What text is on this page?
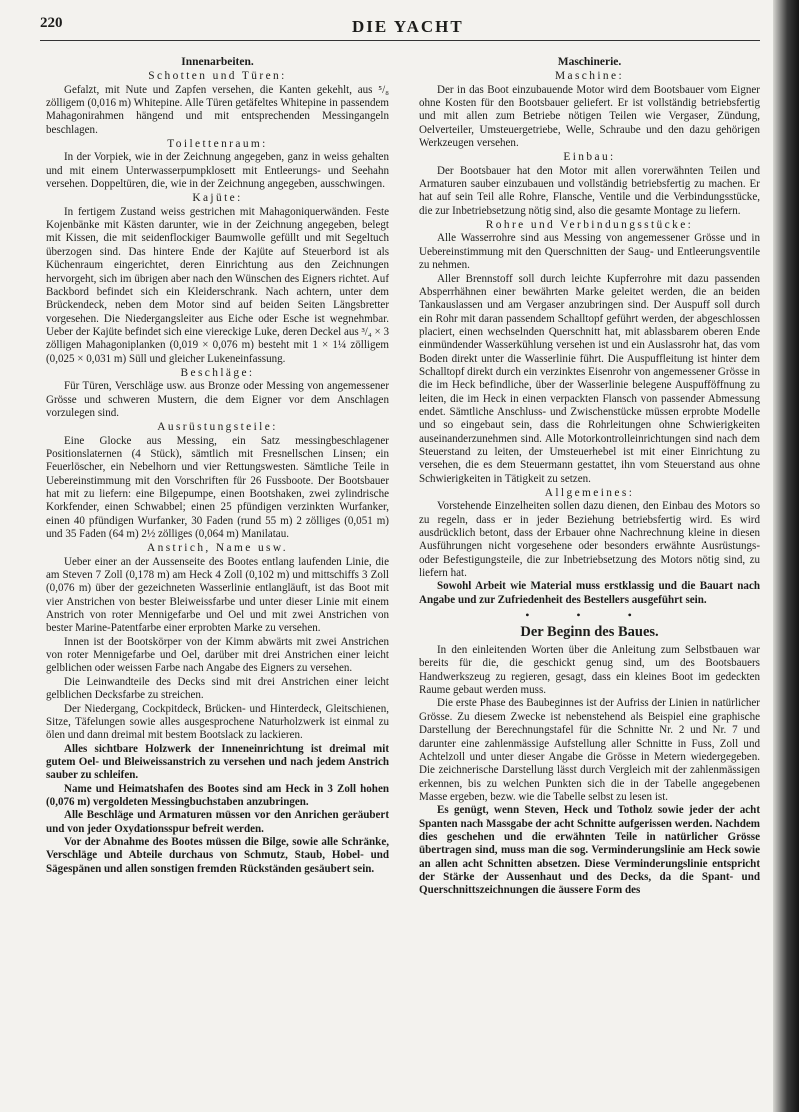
220	DIE YACHT
Innenarbeiten.
Schotten und Türen:

Gefalzt, mit Nute und Zapfen versehen, die Kanten gekehlt, aus ⁵/₈ zölligem (0,016 m) Whitepine. Alle Türen getäfeltes Whitepine in passendem Mahagonirahmen hängend und mit entsprechenden Messingangeln beschlagen.

Toilettenraum:

In der Vorpiek, wie in der Zeichnung angegeben, ganz in weiss gehalten und mit einem Unterwasserpumpklosett mit Entleerungs- und Seehahn versehen. Doppeltüren, die, wie in der Zeichnung angegeben, ausschwingen.

Kajüte:

In fertigem Zustand weiss gestrichen mit Mahagoniquerwänden. Feste Kojenbänke mit Kästen darunter, wie in der Zeichnung angegeben, belegt mit Kissen, die mit seidenflockiger Baumwolle gefüllt und mit Segeltuch überzogen sind. Das hintere Ende der Kajüte auf Steuerbord ist als Küchenraum eingerichtet, deren Einrichtung aus den Zeichnungen hervorgeht, sich im übrigen aber nach den Wünschen des Eigners richtet. Auf Backbord befindet sich ein Kleiderschrank. Nach achtern, unter dem Brückendeck, neben dem Motor sind auf beiden Seiten Längsbretter vorgesehen. Die Niedergangsleiter aus Eiche oder Esche ist wegnehmbar. Ueber der Kajüte befindet sich eine viereckige Luke, deren Deckel aus ³/₄ × 3 zölligen Mahagoniplanken (0,019 × 0,076 m) besteht mit 1 × 1¼ zölligem (0,025 × 0,031 m) Süll und gleicher Lukeneinfassung.

Beschläge:

Für Türen, Verschläge usw. aus Bronze oder Messing von angemessener Grösse und schweren Mustern, die dem Eigner vor dem Anschlagen vorzulegen sind.

Ausrüstungsteile:

Eine Glocke aus Messing, ein Satz messingbeschlagener Positionslaternen (4 Stück), sämtlich mit Fresnellschen Linsen; ein Feuerlöscher, ein Nebelhorn und vier Rettungswesten. Sämtliche Teile in Uebereinstimmung mit den Vorschriften für 26 Fussboote. Der Bootsbauer hat mit zu liefern: eine Bilgepumpe, einen Bootshaken, zwei zylindrische Korkfender, einen Schwabbel; einen 25 pfündigen verzinkten Wurfanker, einen 40 pfündigen Wurfanker, 30 Faden (rund 55 m) 2 zölliges (0,051 m) und 35 Faden (64 m) 2½ zölliges (0,064 m) Manilatau.

Anstrich, Name usw.

Ueber einer an der Aussenseite des Bootes entlang laufenden Linie, die am Steven 7 Zoll (0,178 m) am Heck 4 Zoll (0,102 m) und mittschiffs 3 Zoll (0,076 m) über der gezeichneten Wasserlinie entlangläuft, ist das Boot mit vier Anstrichen von bester Bleiweissfarbe und unter dieser Linie mit einem Anstrich von roter Mennigefarbe und Oel und mit zwei Anstrichen von bester Marine-Patentfarbe einer erprobten Marke zu versehen.

Innen ist der Bootskörper von der Kimm abwärts mit zwei Anstrichen von roter Mennigefarbe und Oel, darüber mit drei Anstrichen einer leicht gelblichen oder weissen Farbe nach Angabe des Eigners zu versehen.

Die Leinwandteile des Decks sind mit drei Anstrichen einer leicht gelblichen Decksfarbe zu streichen.

Der Niedergang, Cockpitdeck, Brücken- und Hinterdeck, Gleitschienen, Sitze, Täfelungen sowie alles ausgesprochene Naturholzwerk ist einmal zu ölen und dann dreimal mit bestem Bootslack zu lackieren.

Alles sichtbare Holzwerk der Inneneinrichtung ist dreimal mit gutem Oel- und Bleiweissanstrich zu versehen und nach jedem Anstrich sauber zu schleifen.

Name und Heimatshafen des Bootes sind am Heck in 3 Zoll hohen (0,076 m) vergoldeten Messingbuchstaben anzubringen.

Alle Beschläge und Armaturen müssen vor den Anrichen geräubert und von jeder Oxydationsspur befreit werden.

Vor der Abnahme des Bootes müssen die Bilge, sowie alle Schränke, Verschläge und Abteile durchaus von Schmutz, Staub, Hobel- und Sägespänen und allen sonstigen fremden Rückständen gesäubert sein.

Maschinerie.
Maschine:

Der in das Boot einzubauende Motor wird dem Bootsbauer vom Eigner ohne Kosten für den Bootsbauer geliefert. Er ist vollständig betriebsfertig und mit allen zum Betriebe nötigen Teilen wie Vergaser, Zündung, Oelverteiler, Umsteuergetriebe, Welle, Schraube und den dazu gehörigen Werkzeugen versehen.

Einbau:

Der Bootsbauer hat den Motor mit allen vorerwähnten Teilen und Armaturen sauber einzubauen und vollständig betriebsfertig zu machen. Er hat auf sein Teil alle Rohre, Flansche, Ventile und die Verbindungsstücke, die zur Inbetriebsetzung nötig sind, also die gesamte Montage zu liefern.

Rohre und Verbindungsstücke:

Alle Wasserrohre sind aus Messing von angemessener Grösse und in Uebereinstimmung mit den Querschnitten der Saug- und Entleerungsventile zu nehmen.

Aller Brennstoff soll durch leichte Kupferrohre mit dazu passenden Absperrhähnen einer bewährten Marke geleitet werden, die an beiden Tankauslassen und am Vergaser anzubringen sind. Der Auspuff soll durch ein Rohr mit daran passendem Schalltopf geführt werden, der abgeschlossen placiert, einen wechselnden Querschnitt hat, mit ablassbarem oberen Ende einmündender Wasserkühlung versehen ist und ein Auslassrohr hat, das vom Boden direkt unter die Wasserlinie führt. Die Auspuffleitung ist hinter dem Schalltopf direkt durch ein verzinktes Eisenrohr von angemessener Grösse in die im Heck befindliche, über der Wasserlinie belegene Auspufföffnung zu leiten, die im Heck in einen verpackten Flansch von passender Abmessung endet. Sämtliche Anschluss- und Zwischenstücke müssen erprobte Modelle und so eingebaut sein, dass die Rohrleitungen ohne Schwierigkeiten auseinanderzunehmen sind. Alle Motorkontrolleinrichtungen sind nach dem Steuerstand zu leiten, der Umsteuerhebel ist mit einer Einrichtung zu versehen, die es dem Steuermann gestattet, ihn vom Steuerstand aus ohne Schwierigkeiten in Tätigkeit zu setzen.

Allgemeines:

Vorstehende Einzelheiten sollen dazu dienen, den Einbau des Motors so zu regeln, dass er in jeder Beziehung betriebsfertig wird. Es wird ausdrücklich betont, dass der Erbauer ohne Nachrechnung kleine in diesen Ausführungen nicht vorgesehene oder besonders erwähnte Ausrüstungs- oder Befestigungsteile, die zur Inbetriebsetzung des Motors nötig sind, zu liefern hat.

Sowohl Arbeit wie Material muss erstklassig und die Bauart nach Angabe und zur Zufriedenheit des Bestellers ausgeführt sein.

• • •
Der Beginn des Baues.

In den einleitenden Worten über die Anleitung zum Selbstbauen war bereits für die, die geschickt genug sind, um des Bootsbauers Handwerkszeug zu regieren, gesagt, dass ein kleines Boot im gedeckten Raume gebaut werden muss.

Die erste Phase des Baubeginnes ist der Aufriss der Linien in natürlicher Grösse. Zu diesem Zwecke ist nebenstehend als Beispiel eine graphische Darstellung der Berechnungstafel für die Schnitte Nr. 2 und Nr. 7 und darunter eine zahlenmässige Aufstellung aller Schnitte in Fuss, Zoll und Achtelzoll und unter dieser Angabe die Grösse in Metern wiedergegeben. Die zeichnerische Darstellung lässt durch Vergleich mit der zahlenmässigen erkennen, bis zu welchen Punkten sich die in der Tabelle angegebenen Masse ergeben, bezw. wie die Tabelle selbst zu lesen ist.

Es genügt, wenn Steven, Heck und Totholz sowie jeder der acht Spanten nach Massgabe der acht Schnitte aufgerissen werden. Nachdem dies geschehen und die erwähnten Teile in natürlicher Grösse übertragen sind, muss man die sog. Verminderungslinie am Heck sowie an allen acht Schnitten absetzen. Diese Verminderungslinie entspricht der Stärke der Aussenhaut und des Decks, da die Spant- und Querschnittszeichnungen die äussere Form des
